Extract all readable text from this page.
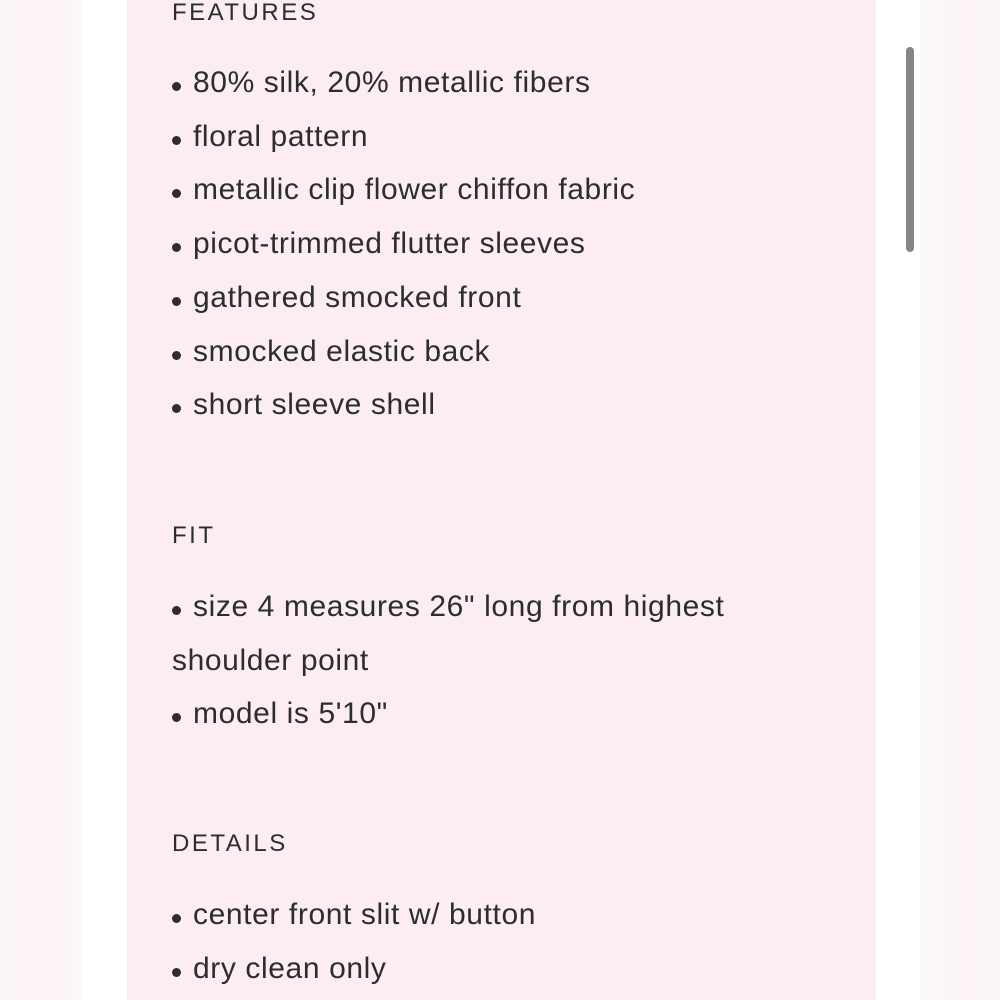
FEATURES
80% silk, 20% metallic fibers
floral pattern
metallic clip flower chiffon fabric
picot-trimmed flutter sleeves
gathered smocked front
smocked elastic back
short sleeve shell
FIT
size 4 measures 26" long from highest
shoulder point
model is 5'10"
DETAILS
center front slit w/ button
dry clean only
